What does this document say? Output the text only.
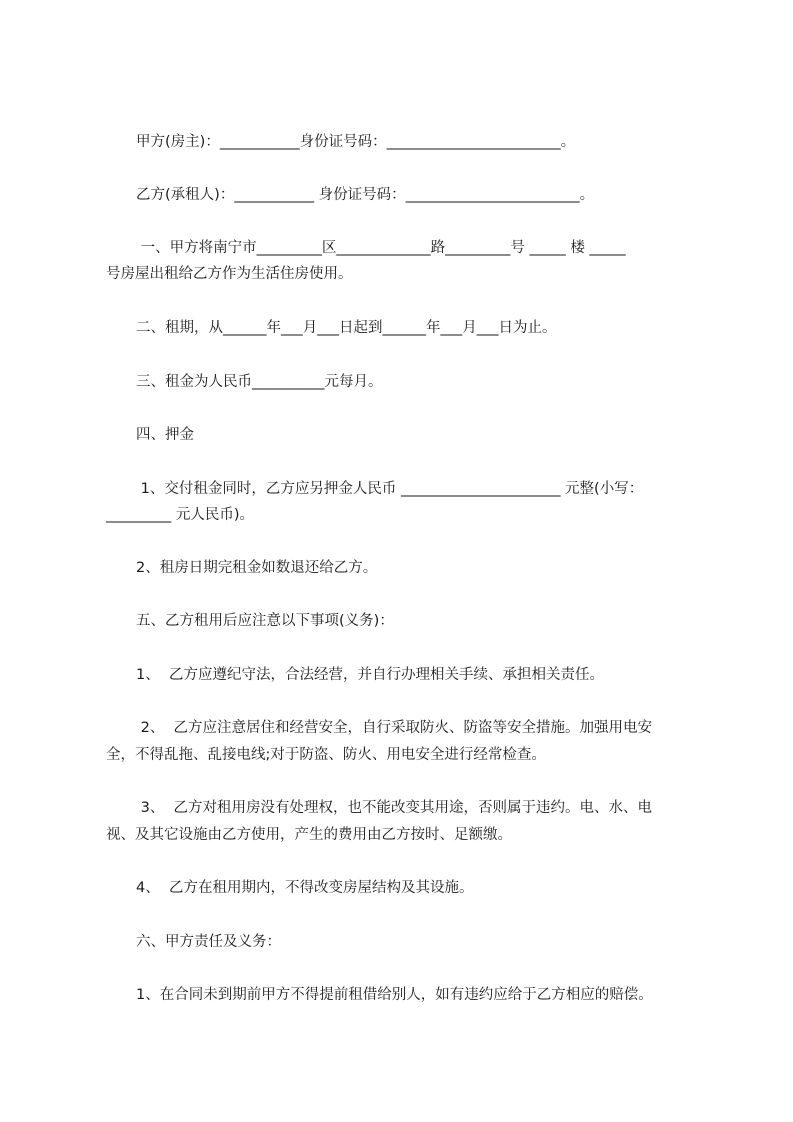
甲方(房主)：___________身份证号码：________________________。
乙方(承租人)：___________ 身份证号码：________________________。
一、甲方将南宁市_________区_____________路_________号 _____ 楼 _____
号房屋出租给乙方作为生活住房使用。
二、租期，从______年___月___日起到______年___月___日为止。
三、租金为人民币__________元每月。
四、押金
1、交付租金同时，乙方应另押金人民币 ______________________ 元整(小写：
_________ 元人民币)。
2、租房日期完租金如数退还给乙方。
五、乙方租用后应注意以下事项(义务)：
1、  乙方应遵纪守法，合法经营，并自行办理相关手续、承担相关责任。
2、  乙方应注意居住和经营安全，自行采取防火、防盗等安全措施。加强用电安
全，不得乱拖、乱接电线;对于防盗、防火、用电安全进行经常检查。
3、  乙方对租用房没有处理权，也不能改变其用途，否则属于违约。电、水、电
视、及其它设施由乙方使用，产生的费用由乙方按时、足额缴。
4、  乙方在租用期内，不得改变房屋结构及其设施。
六、甲方责任及义务：
1、在合同未到期前甲方不得提前租借给别人，如有违约应给于乙方相应的赔偿。
